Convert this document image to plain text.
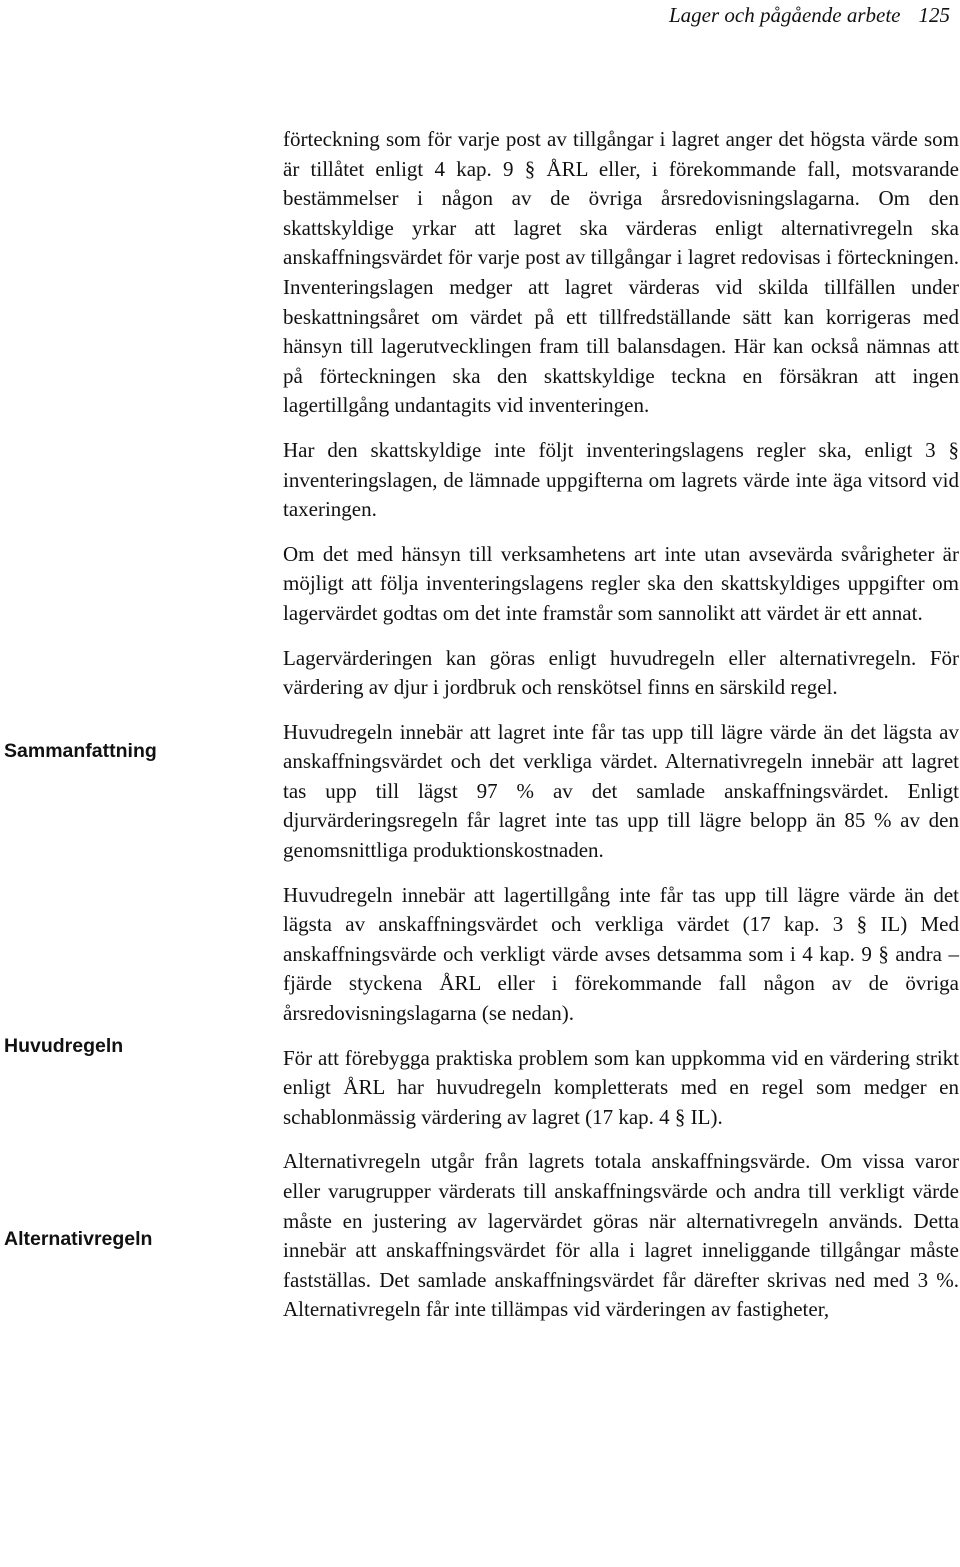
Lager och pågående arbete 125
Sammanfattning
Huvudregeln
Alternativregeln

förteckning som för varje post av tillgångar i lagret anger det högsta värde som är tillåtet enligt 4 kap. 9 § ÅRL eller, i förekommande fall, motsvarande bestämmelser i någon av de övriga årsredovisningslagarna. Om den skattskyldige yrkar att lagret ska värderas enligt alternativregeln ska anskaffningsvärdet för varje post av tillgångar i lagret redovisas i förteckningen. Inventeringslagen medger att lagret värderas vid skilda tillfällen under beskattningsåret om värdet på ett tillfredställande sätt kan korrigeras med hänsyn till lagerutvecklingen fram till balansdagen. Här kan också nämnas att på förteckningen ska den skattskyldige teckna en försäkran att ingen lagertillgång undantagits vid inventeringen.

Har den skattskyldige inte följt inventeringslagens regler ska, enligt 3 § inventeringslagen, de lämnade uppgifterna om lagrets värde inte äga vitsord vid taxeringen.

Om det med hänsyn till verksamhetens art inte utan avsevärda svårigheter är möjligt att följa inventeringslagens regler ska den skattskyldiges uppgifter om lagervärdet godtas om det inte framstår som sannolikt att värdet är ett annat.

Lagervärderingen kan göras enligt huvudregeln eller alternativregeln. För värdering av djur i jordbruk och renskötsel finns en särskild regel.

Huvudregeln innebär att lagret inte får tas upp till lägre värde än det lägsta av anskaffningsvärdet och det verkliga värdet. Alternativregeln innebär att lagret tas upp till lägst 97 % av det samlade anskaffningsvärdet. Enligt djurvärderingsregeln får lagret inte tas upp till lägre belopp än 85 % av den genomsnittliga produktionskostnaden.

Huvudregeln innebär att lagertillgång inte får tas upp till lägre värde än det lägsta av anskaffningsvärdet och verkliga värdet (17 kap. 3 § IL) Med anskaffningsvärde och verkligt värde avses detsamma som i 4 kap. 9 § andra – fjärde styckena ÅRL eller i förekommande fall någon av de övriga årsredovisningslagarna (se nedan).

För att förebygga praktiska problem som kan uppkomma vid en värdering strikt enligt ÅRL har huvudregeln kompletterats med en regel som medger en schablonmässig värdering av lagret (17 kap. 4 § IL).

Alternativregeln utgår från lagrets totala anskaffningsvärde. Om vissa varor eller varugrupper värderats till anskaffningsvärde och andra till verkligt värde måste en justering av lagervärdet göras när alternativregeln används. Detta innebär att anskaffningsvärdet för alla i lagret inneliggande tillgångar måste fastställas. Det samlade anskaffningsvärdet får därefter skrivas ned med 3 %. Alternativregeln får inte tillämpas vid värderingen av fastigheter,
